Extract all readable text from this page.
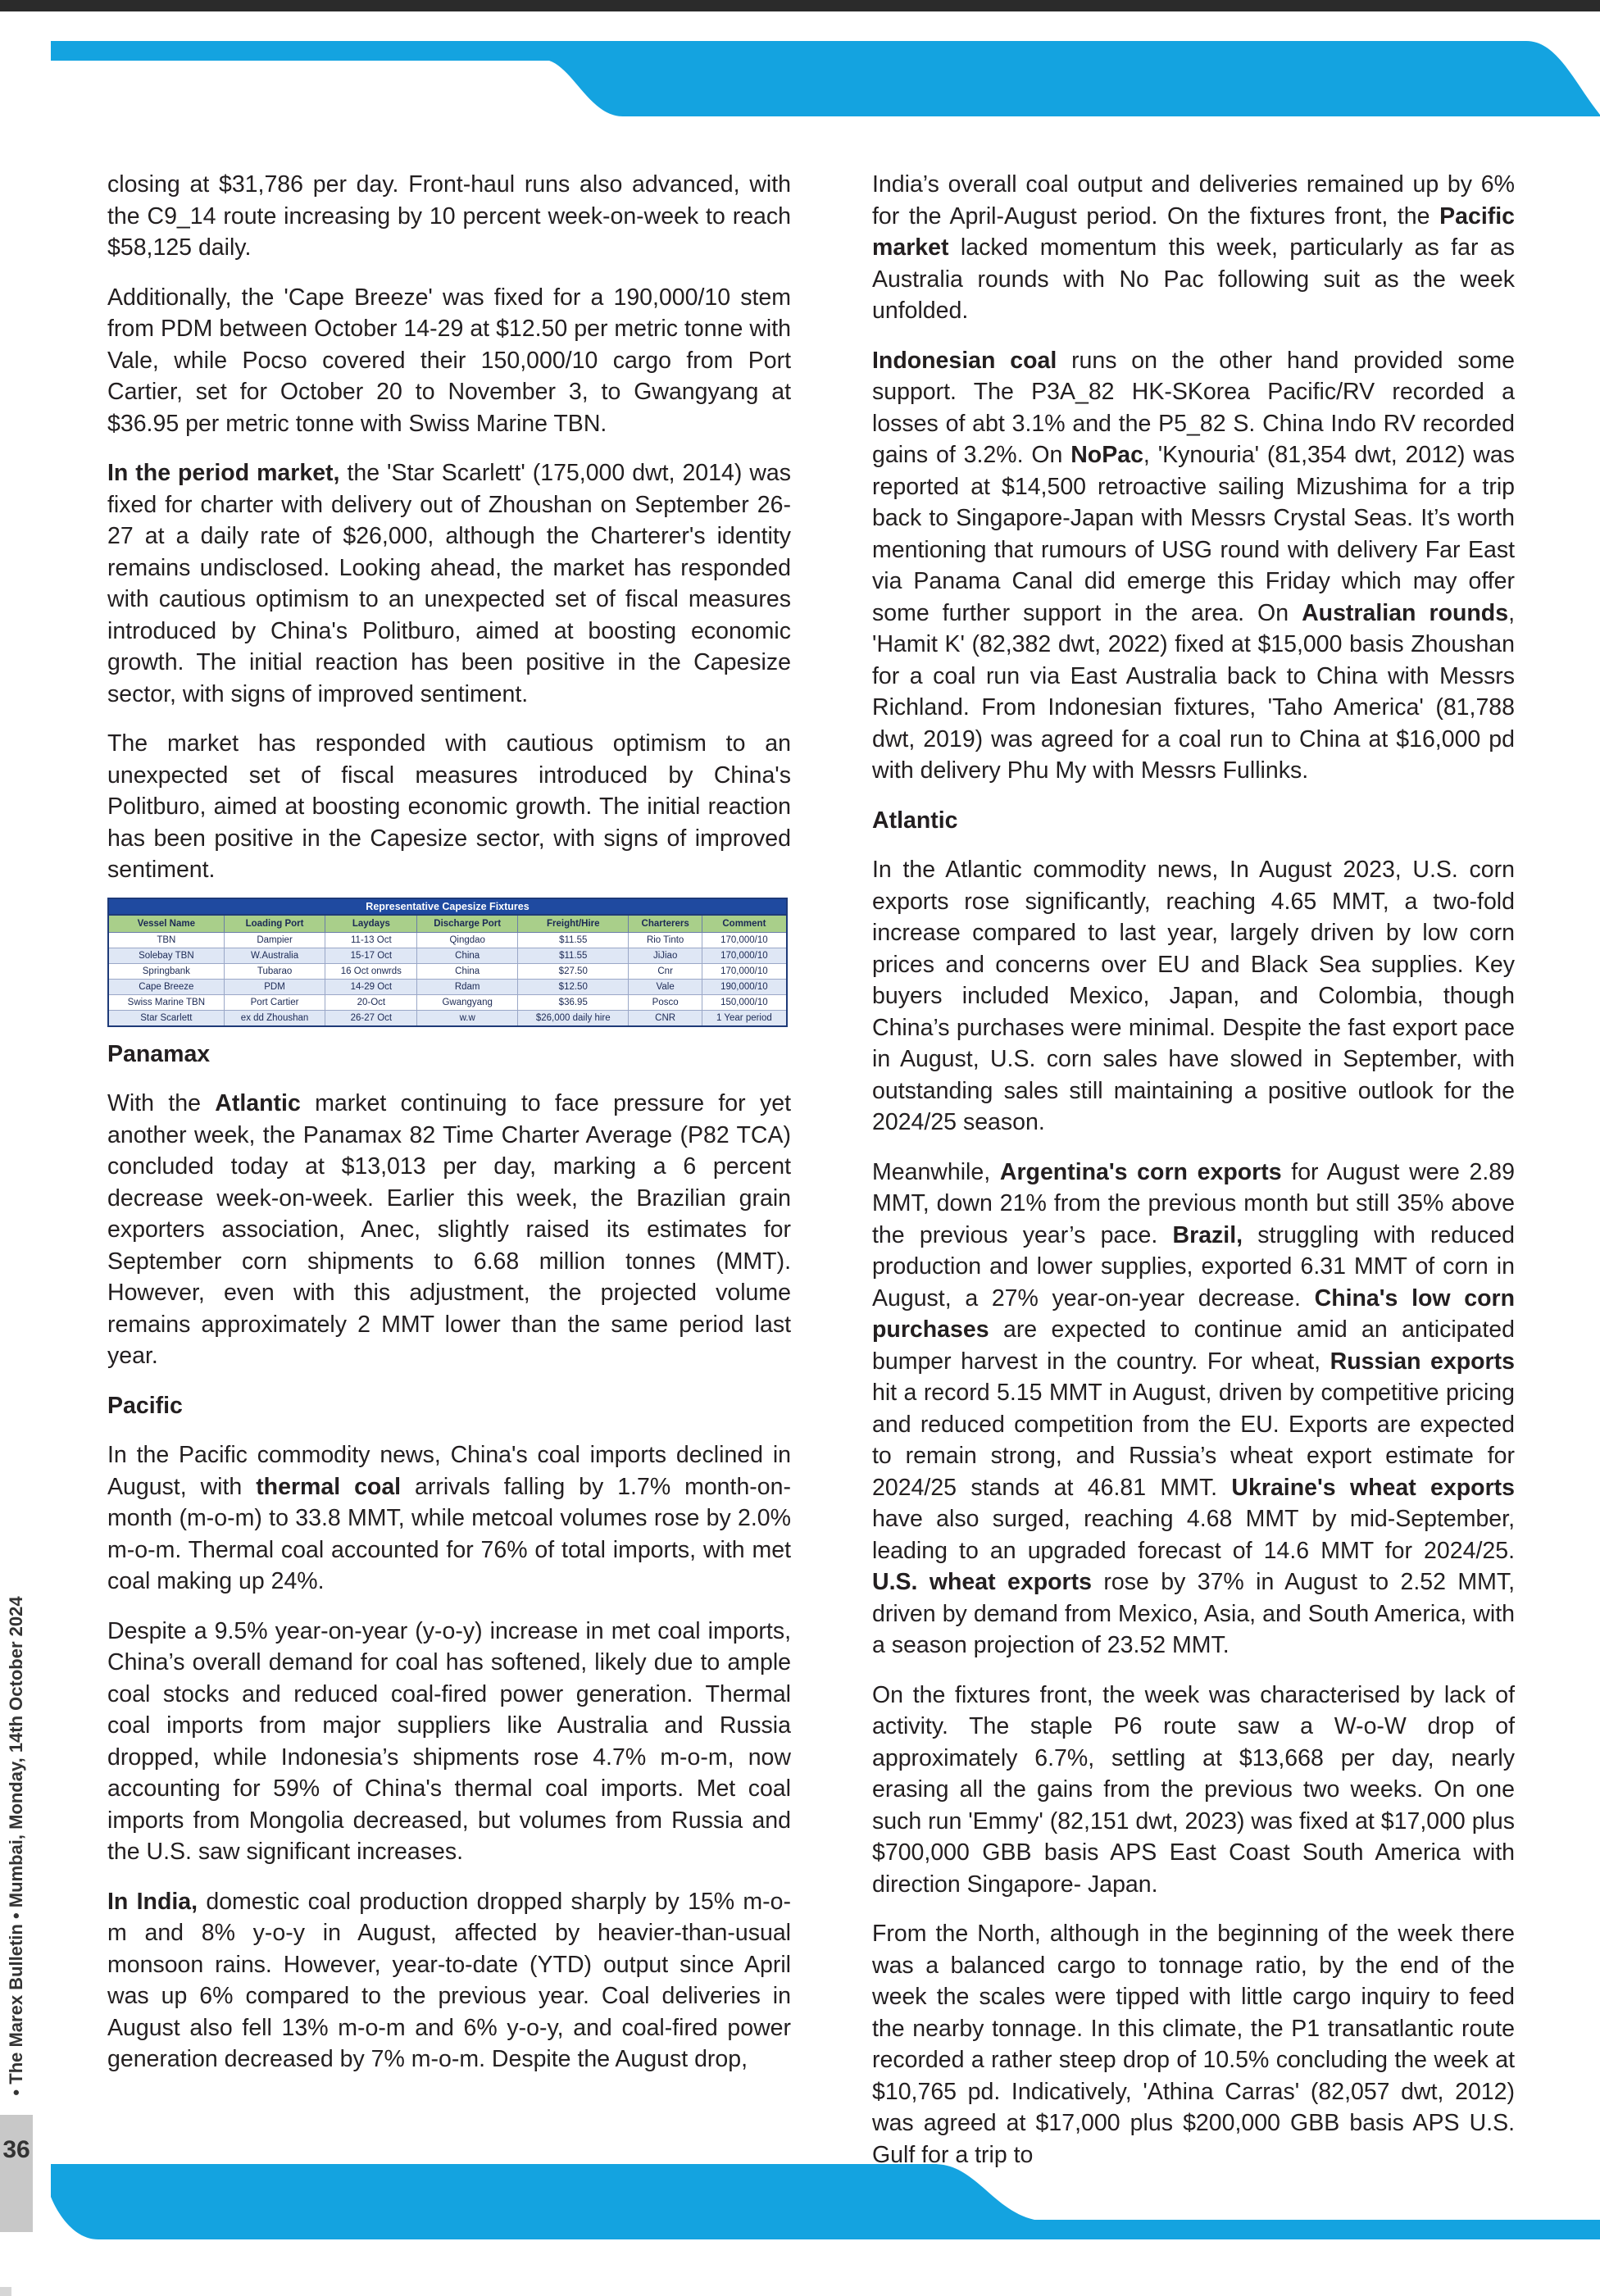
closing at $31,786 per day. Front-haul runs also advanced, with the C9_14 route increasing by 10 percent week-on-week to reach $58,125 daily.

Additionally, the 'Cape Breeze' was fixed for a 190,000/10 stem from PDM between October 14-29 at $12.50 per metric tonne with Vale, while Pocso covered their 150,000/10 cargo from Port Cartier, set for October 20 to November 3, to Gwangyang at $36.95 per metric tonne with Swiss Marine TBN.

In the period market, the 'Star Scarlett' (175,000 dwt, 2014) was fixed for charter with delivery out of Zhoushan on September 26-27 at a daily rate of $26,000, although the Charterer's identity remains undisclosed. Looking ahead, the market has responded with cautious optimism to an unexpected set of fiscal measures introduced by China's Politburo, aimed at boosting economic growth. The initial reaction has been positive in the Capesize sector, with signs of improved sentiment.

The market has responded with cautious optimism to an unexpected set of fiscal measures introduced by China's Politburo, aimed at boosting economic growth. The initial reaction has been positive in the Capesize sector, with signs of improved sentiment.

Representative Capesize Fixtures
Vessel Name	Loading Port	Laydays	Discharge Port	Freight/Hire	Charterers	Comment
TBN	Dampier	11-13 Oct	Qingdao	$11.55	Rio Tinto	170,000/10
Solebay TBN	W.Australia	15-17 Oct	China	$11.55	JiJiao	170,000/10
Springbank	Tubarao	16 Oct onwrds	China	$27.50	Cnr	170,000/10
Cape Breeze	PDM	14-29 Oct	Rdam	$12.50	Vale	190,000/10
Swiss Marine TBN	Port Cartier	20-Oct	Gwangyang	$36.95	Posco	150,000/10
Star Scarlett	ex dd Zhoushan	26-27 Oct	w.w	$26,000 daily hire	CNR	1 Year period
Panamax

With the Atlantic market continuing to face pressure for yet another week, the Panamax 82 Time Charter Average (P82 TCA) concluded today at $13,013 per day, marking a 6 percent decrease week-on-week. Earlier this week, the Brazilian grain exporters association, Anec, slightly raised its estimates for September corn shipments to 6.68 million tonnes (MMT). However, even with this adjustment, the projected volume remains approximately 2 MMT lower than the same period last year.

Pacific

In the Pacific commodity news, China's coal imports declined in August, with thermal coal arrivals falling by 1.7% month-on-month (m-o-m) to 33.8 MMT, while metcoal volumes rose by 2.0% m-o-m. Thermal coal accounted for 76% of total imports, with met coal making up 24%.

Despite a 9.5% year-on-year (y-o-y) increase in met coal imports, China’s overall demand for coal has softened, likely due to ample coal stocks and reduced coal-fired power generation. Thermal coal imports from major suppliers like Australia and Russia dropped, while Indonesia’s shipments rose 4.7% m-o-m, now accounting for 59% of China's thermal coal imports. Met coal imports from Mongolia decreased, but volumes from Russia and the U.S. saw significant increases.

In India, domestic coal production dropped sharply by 15% m-o-m and 8% y-o-y in August, affected by heavier-than-usual monsoon rains. However, year-to-date (YTD) output since April was up 6% compared to the previous year. Coal deliveries in August also fell 13% m-o-m and 6% y-o-y, and coal-fired power generation decreased by 7% m-o-m. Despite the August drop,

India’s overall coal output and deliveries remained up by 6% for the April-August period. On the fixtures front, the Pacific market lacked momentum this week, particularly as far as Australia rounds with No Pac following suit as the week unfolded.

Indonesian coal runs on the other hand provided some support. The P3A_82 HK-SKorea Pacific/RV recorded a losses of abt 3.1% and the P5_82 S. China Indo RV recorded gains of 3.2%. On NoPac, 'Kynouria' (81,354 dwt, 2012) was reported at $14,500 retroactive sailing Mizushima for a trip back to Singapore-Japan with Messrs Crystal Seas. It’s worth mentioning that rumours of USG round with delivery Far East via Panama Canal did emerge this Friday which may offer some further support in the area. On Australian rounds, 'Hamit K' (82,382 dwt, 2022) fixed at $15,000 basis Zhoushan for a coal run via East Australia back to China with Messrs Richland. From Indonesian fixtures, 'Taho America' (81,788 dwt, 2019) was agreed for a coal run to China at $16,000 pd with delivery Phu My with Messrs Fullinks.

Atlantic

In the Atlantic commodity news, In August 2023, U.S. corn exports rose significantly, reaching 4.65 MMT, a two-fold increase compared to last year, largely driven by low corn prices and concerns over EU and Black Sea supplies. Key buyers included Mexico, Japan, and Colombia, though China’s purchases were minimal. Despite the fast export pace in August, U.S. corn sales have slowed in September, with outstanding sales still maintaining a positive outlook for the 2024/25 season.

Meanwhile, Argentina's corn exports for August were 2.89 MMT, down 21% from the previous month but still 35% above the previous year’s pace. Brazil, struggling with reduced production and lower supplies, exported 6.31 MMT of corn in August, a 27% year-on-year decrease. China's low corn purchases are expected to continue amid an anticipated bumper harvest in the country. For wheat, Russian exports hit a record 5.15 MMT in August, driven by competitive pricing and reduced competition from the EU. Exports are expected to remain strong, and Russia’s wheat export estimate for 2024/25 stands at 46.81 MMT. Ukraine's wheat exports have also surged, reaching 4.68 MMT by mid-September, leading to an upgraded forecast of 14.6 MMT for 2024/25. U.S. wheat exports rose by 37% in August to 2.52 MMT, driven by demand from Mexico, Asia, and South America, with a season projection of 23.52 MMT.

On the fixtures front, the week was characterised by lack of activity. The staple P6 route saw a W-o-W drop of approximately 6.7%, settling at $13,668 per day, nearly erasing all the gains from the previous two weeks. On one such run 'Emmy' (82,151 dwt, 2023) was fixed at $17,000 plus $700,000 GBB basis APS East Coast South America with direction Singapore- Japan.

From the North, although in the beginning of the week there was a balanced cargo to tonnage ratio, by the end of the week the scales were tipped with little cargo inquiry to feed the nearby tonnage. In this climate, the P1 transatlantic route recorded a rather steep drop of 10.5% concluding the week at $10,765 pd. Indicatively, 'Athina Carras' (82,057 dwt, 2012) was agreed at $17,000 plus $200,000 GBB basis APS U.S. Gulf for a trip to

• The Marex Bulletin • Mumbai, Monday, 14th October 2024
36
